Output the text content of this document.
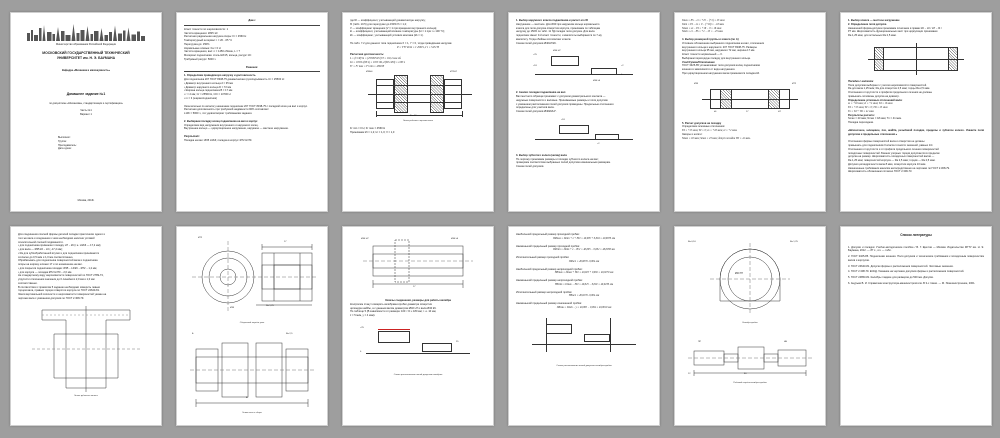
Министерство образования Российской Федерации
МОСКОВСКИЙ ГОСУДАРСТВЕННЫЙ ТЕХНИЧЕСКИЙ
УНИВЕРСИТЕТ им. Н. Э. БАУМАНА
Кафедра «Механика и малошумность»
Домашнее задание №1
по дисциплине «Механизмы, стандартизация и сертификация»
Часть №1
Вариант 1
Выполнил:
Группа:
Преподаватель:
Дата сдачи:
Москва, 2016г.
Дано:
Класс точности по шероховатости: 1
Частота вращения: 2825 1/с
Расчетная радиальная нагрузка опоры: Fr = 4560 Н
Температурный интервал: t = 20…65 °C
Перегрузка до: 150%
Нормальные осевые: Fa = 0 Н
Частота вращения, вал: n = 1450 об/мин, L = ?
Материал подшипника: сталь ШХ15, кольца, ресурс 10⁶
Требуемый ресурс: 5000 ч
Решение:
1. Определяем приведённую нагрузку и долговечность
Для подшипника 207 ГОСТ 8338-75 динамическая грузоподъёмность Cr = 25500 Н:
• Диаметр внутреннего кольца d = 35 мм
• Диаметр наружного кольца D = 72 мм
• Ширина кольца подшипника B = 17 мм
• r = 2 мм; Cr = 25500 Н, C0r = 13700 Н
• m = 3 (шарикоподшипник)
Окончательно по каталогу назначаем подшипник 207 ГОСТ 8338-75 с посадкой колец на вал и корпус.
Расчетная долговечность при требуемой надёжности 90% составляет:
L10h = 5000 ч, что удовлетворяет требованиям задания.
2. Выбираем посадку колец подшипника на вал и корпус
Определяем вид нагружения внутреннего и наружного колец.
Внутреннее кольцо — циркуляционное нагружение, наружное — местное нагружение.
Результат:
Посадка на вал: Ø35 L0/k6; посадка в корпус: Ø72 H7/l0.
где Ri — коэффициент, учитывающий динамическую нагрузку;
fh (табл. 10.5) для перегрузки до 150% fh = 1,2;
V — коэффициент вращения (V = 1 при вращении внутреннего кольца);
kt — коэффициент, учитывающий влияние температуры (kt = 1 при t ≤ 100 °C);
kb — коэффициент, учитывающий условия монтажа (kb = 1).
По табл. 7.2 для данного типа подшипника X = 1, Y = 0, тогда приведённая нагрузка:
P = V·Fr·kb·kt = 1·4560·1,2·1 = 5472 Н
Расчетная долговечность:
L = (Cr/P)^m = (25500/5472)^3 = 101,2 млн об.
Lh = 10^6·L/(60·n) = 10^6·101,2/(60·1450) = 1163 ч
Fr = Fr max = Fr min = 4560 Н
Ø35k6	Ø72H7
B = 17
Эскиз рабочего чертежа вала
Fr min = 0 Н; Fr max = 4560 Н
Принимаем kб = 1,2; kт = 1,0; V = 1,0
1. Выбор наружного класса подшипника и расчет его ID
Нагружение — местное. Для Ø40 при наружном кольце нормального
класса для поля допуска отверстия корпуса, принимаем по таблицам
нагрузку до 150% по табл. 11 ГД посадки поля допуска. Для вала
подшипник имеет 0-й класс точности, и квалитеты выбираются по 7-му
квалитету. Тогда обоймы изготовляют класса:
Схема полей допусков Ø40H7/k6.
Ø40 H7
Ø40 k6
+25
+18	+2
0
2. Анализ посадки подшипника на вал
Вал местного образца принимает с допуском диаметрального контакта —
наружные поверхности и валовые. Принимаемые размеры и поля допусков
с указанием расположения полей допусков приведены. Предельные отклонения
определены для участков вала.
Схема полей допусков Ø40k6/H7.
+18
+2
3. Выбор зубчатого колеса (шлиц) вала
По чертежу принимаем размеры и посадки зубчатого колеса на вал;
проверяем соответствие выбранных полей допусков номинальным размерам.
Схема полей допусков.
Smax = ES − ei = +25 − (+2) = 23 мкм
Smin = EI − es = 0 − (+18) = −18 мкм
Nmax = es − EI = +18 − 0 = 18 мкм
Nmin = ei − ES = +2 − 25 = −23 мкм
4. Выбор размерной группы и класса (по А)
Условное обозначение выбранного подшипника на вал, отклонения
внутреннего кольца и наружного: 207 ГОСТ 8338-75. Размеры
внутреннего кольца 35 мм, наружного 72 мм, ширина 17 мм.
Класс точности нормальный — 0.
Выбираем переходную посадку для внутреннего кольца.
Угол/Сумма/Отклонение
ГОСТ 3325-85 устанавливает поля допусков колец подшипников
качения в зависимости от вида нагружения.
При циркуляционном нагружении вала применяется посадка k6.
Ø35	Ø72
17
k6	H7
5. Расчет допусков на посадку
Определяем основные отклонения:
ES = +25 мкм; EI = 0; es = +18 мкм; ei = +2 мкм.
Зазоры и натяги:
Nmax = 18 мкм; Smax = 23 мкм; допуск посадки TП = 41 мкм.
1. Выбор класса — местное нагружение
2. Определение поля допуска
Назначений форма-допуска принимаем сочетание в правах k6 − L0 / H7 − l0 /
P7 мм. Шероховатость функциональных мест при циркуляции принимаем
Ra 1,25 мкм, для остальных Ra 2,5 мкм.
Посадка с натягом
Поля допусков выбирают с учетом шероховатости поверхностей.
Ra для вала 1,25 мкм; Ra для отверстия 2,5 мкм; торцы Ra 2,5 мкм.
Отклонения от круглости и профиля продольного сечения не должны
превышать половины допуска на диаметр.
Определение условных отклонений вала:
es = +18 мкм; ei = +2 мкм; Td = 16 мкм
ES = +25 мкм; EI = 0; TD = 25 мкм
Tп = Td + TD = 41 мкм
Результаты расчета:
Smax = 23 мкм; Nmax = 18 мкм; Tп = 41 мкм.
Посадка переходная.
«Шпоночное, шлицевое, паз, шайба, резьбовой посадки, пределы и зубчатое колесо. Укажите поля допусков и предельные отклонения.»
Отклонения формы поверхностей вала и отверстия не должны
превышать для подшипников 0 класса точности значений, равных 1/4
Отклонения от круглости и от профиля продольного сечения поверхностей
посадочных поверхностей. Биение упорных торцов допускается в пределах
допуска на размер. Шероховатость посадочных поверхностей валов —
Ra 1,25 мкм; поверхностей корпуса — Ra 2,5 мкм; торцов — Ra 2,5 мкм.
Допуски цилиндричности вала 8 мкм, отверстия корпуса 10 мкм.
Назначенные требования наносим непосредственно на чертежах по ГОСТ 2.308-79.
Шероховатость обозначаем согласно ГОСТ 2.309-73.
Для соединения соосной формы деталей посадки практически одного и
того же вала и соединении с ним необходимо наличие условий
относительной соосной подвижности.
• для подшипника применяют посадку H7 − k6 (т.е. L0/k6 — 17,2 мм);
• для вала — Ø35 k6 − L0 (−17,2 мм);
• Ra для зубообработанной втулки и для подшипника принимается
согласно до 0,5 мкм и 1,0 мм соответственно.
Обрабатывать для подшипника поверхностей вала и подшипника
опоры на ширину шпонки 17 и по назначению на вал.
• для покрытия подшипника посадки: Ø35 − L0/k6 − Ø72 − 1,2 мм;
• для корпуса — посадка Ø72 H7/l0 − 2,0 мм.
Не стандартному виду шероховатости поверхностей по ГОСТ 2789-73,
упругости отклонения значения до 0 линейного 2,0 мм и 1,0 мм
соответственно.
В соответствии с правилом 5 задание необходимо измерить левым
торцом вала, правым торцом отверстия корпуса по ГОСТ 24643-81.
Эскиз вертикальной соосности и шероховатости поверхностей указан на
чертеже вала с указанием допусков по ГОСТ 2.308-79.
Эскиз зубчатого колеса
Ø72
Ø35
17
Ra 1,25
Сборочный чертёж узла
A
Б	Ra 2,5
Эскиз вала в сборе
Ø40 H7	Ø40 k6
17
Эскизы соединения, размеры для работы калибра
Контролем станут измерять калибрами-пробки диаметра отверстия
цилиндра шайбы, а с данным валом диаметром Ø40 H7 и вала Ø40 k6.
По таблице 5 (В зависимости от размера: 100 < D ≤ 180 мм; т. е. 10 мм,
z = 5 мкм, y = 4 мкм).
+25
0
25
Схема расположения полей допусков калибров
Наибольший предельный размер проходной пробки:
ПРmax = Dmin + z + H/2 = 40,005 + 0,004 = 40,0070 мм
Наименьший предельный размер проходной пробки:
ПРmin = Dmin + z − H/2 = 40,005 − 0,002 = 40,0030 мм
Исполнительный размер проходной пробки:
ПРисп = 40,0070−0,004 мм
Наибольший предельный размер непроходной пробки:
НЕmax = Dmax + H/2 = 40,025 + 0,002 = 40,0270 мм
Наименьший предельный размер непроходной пробки:
НЕmin = Dmax − H/2 = 40,025 − 0,002 = 40,0230 мм
Исполнительный размер непроходной пробки:
НЕисп = 40,0270−0,004 мм
Наименьший предельный размер изношенной пробки:
ПРизн = Dmin − y = 40,005 − 0,004 = 40,0010 мм
Схема расположения полей допусков калибра-пробки
Ø40 H7
Ra 0,16	Ra 1,25
Калибр-пробка
ПР	НЕ
80
12
Рабочий чертёж калибра-пробки
Список литературы
1. Допуски и посадки: Учебно-методическое пособие / В. Г. Щеглов — Москва: Издательство МГТУ им. Н. Э. Баумана, 2012. — 87 с., ил. — табл.
2. ГОСТ 3325-85. Подшипники качения. Поля допусков и технические требования к посадочным поверхностям валов и корпусов.
3. ГОСТ 24643-81. Допуски формы и расположения поверхностей. Числовые значения.
4. ГОСТ 2.308-79. ЕСКД. Указание на чертежах допусков формы и расположения поверхностей.
5. ГОСТ 24853-81. Калибры гладкие для размеров до 500 мм. Допуски.
6. Анурьев В. И. Справочник конструктора-машиностроителя. В 3-х томах. — М.: Машиностроение, 2001.
